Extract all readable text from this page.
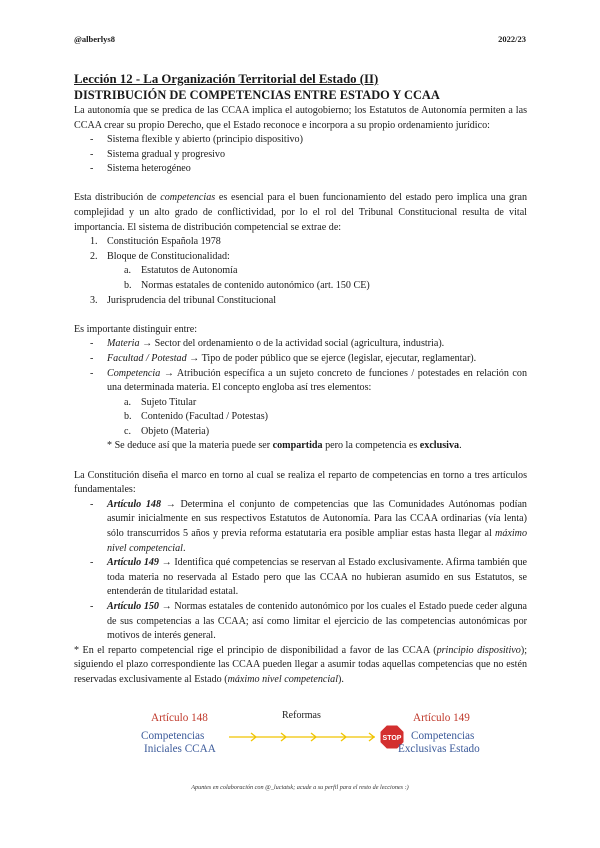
@alberlys8	2022/23
Lección 12 - La Organización Territorial del Estado (II)
DISTRIBUCIÓN DE COMPETENCIAS ENTRE ESTADO Y CCAA

La autonomía que se predica de las CCAA implica el autogobierno; los Estatutos de Autonomía permiten a las CCAA crear su propio Derecho, que el Estado reconoce e incorpora a su propio ordenamiento jurídico:

- Sistema flexible y abierto (principio dispositivo)
- Sistema gradual y progresivo
- Sistema heterogéneo

Esta distribución de competencias es esencial para el buen funcionamiento del estado pero implica una gran complejidad y un alto grado de conflictividad, por lo el rol del Tribunal Constitucional resulta de vital importancia. El sistema de distribución competencial se extrae de:

1. Constitución Española 1978
2. Bloque de Constitucionalidad:
a. Estatutos de Autonomía
b. Normas estatales de contenido autonómico (art. 150 CE)
3. Jurisprudencia del tribunal Constitucional

Es importante distinguir entre:

- Materia → Sector del ordenamiento o de la actividad social (agricultura, industria).
- Facultad / Potestad → Tipo de poder público que se ejerce (legislar, ejecutar, reglamentar).
- Competencia → Atribución específica a un sujeto concreto de funciones / potestades en relación con una determinada materia. El concepto engloba así tres elementos:
a. Sujeto Titular
b. Contenido (Facultad / Potestas)
c. Objeto (Materia)
* Se deduce así que la materia puede ser compartida pero la competencia es exclusiva.

La Constitución diseña el marco en torno al cual se realiza el reparto de competencias en torno a tres artículos fundamentales:

- Artículo 148 → Determina el conjunto de competencias que las Comunidades Autónomas podían asumir inicialmente en sus respectivos Estatutos de Autonomía. Para las CCAA ordinarias (vía lenta) sólo transcurridos 5 años y previa reforma estatutaria era posible ampliar estas hasta llegar al máximo nivel competencial.
- Artículo 149 → Identifica qué competencias se reservan al Estado exclusivamente. Afirma también que toda materia no reservada al Estado pero que las CCAA no hubieran asumido en sus Estatutos, se entenderán de titularidad estatal.
- Artículo 150 → Normas estatales de contenido autonómico por los cuales el Estado puede ceder alguna de sus competencias a las CCAA; así como limitar el ejercicio de las competencias autonómicas por motivos de interés general.

* En el reparto competencial rige el principio de disponibilidad a favor de las CCAA (principio dispositivo); siguiendo el plazo correspondiente las CCAA pueden llegar a asumir todas aquellas competencias que no estén reservadas exclusivamente al Estado (máximo nivel competencial).

Artículo 148
Competencias
Iniciales CCAA
Reformas
STOP
Artículo 149
Competencias
Exclusivas Estado
Apuntes en colaboración con @_luciatsk; acude a su perfil para el resto de lecciones :)
